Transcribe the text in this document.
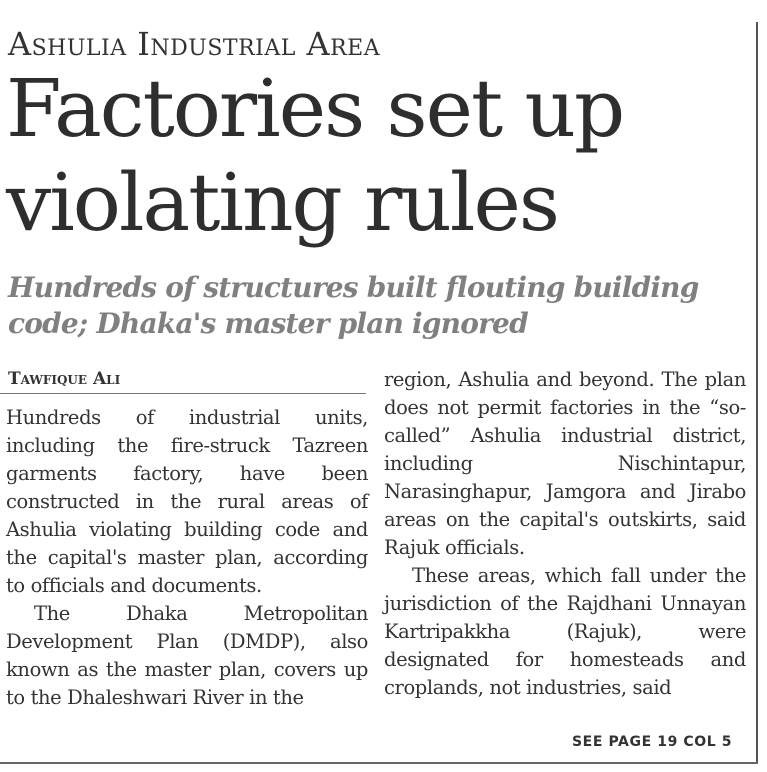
Ashulia Industrial Area
Factories set up violating rules
Hundreds of structures built flouting building code; Dhaka's master plan ignored
Tawfique Ali

Hundreds of industrial units, including the fire-struck Tazreen garments factory, have been constructed in the rural areas of Ashulia violating building code and the capital's master plan, according to officials and documents.

The Dhaka Metropolitan Development Plan (DMDP), also known as the master plan, covers up to the Dhaleshwari River in the

region, Ashulia and beyond. The plan does not permit factories in the “so-called” Ashulia industrial district, including Nischintapur, Narasinghapur, Jamgora and Jirabo areas on the capital's outskirts, said Rajuk officials.

These areas, which fall under the jurisdiction of the Rajdhani Unnayan Kartripakkha (Rajuk), were designated for homesteads and croplands, not industries, said

SEE PAGE 19 COL 5
